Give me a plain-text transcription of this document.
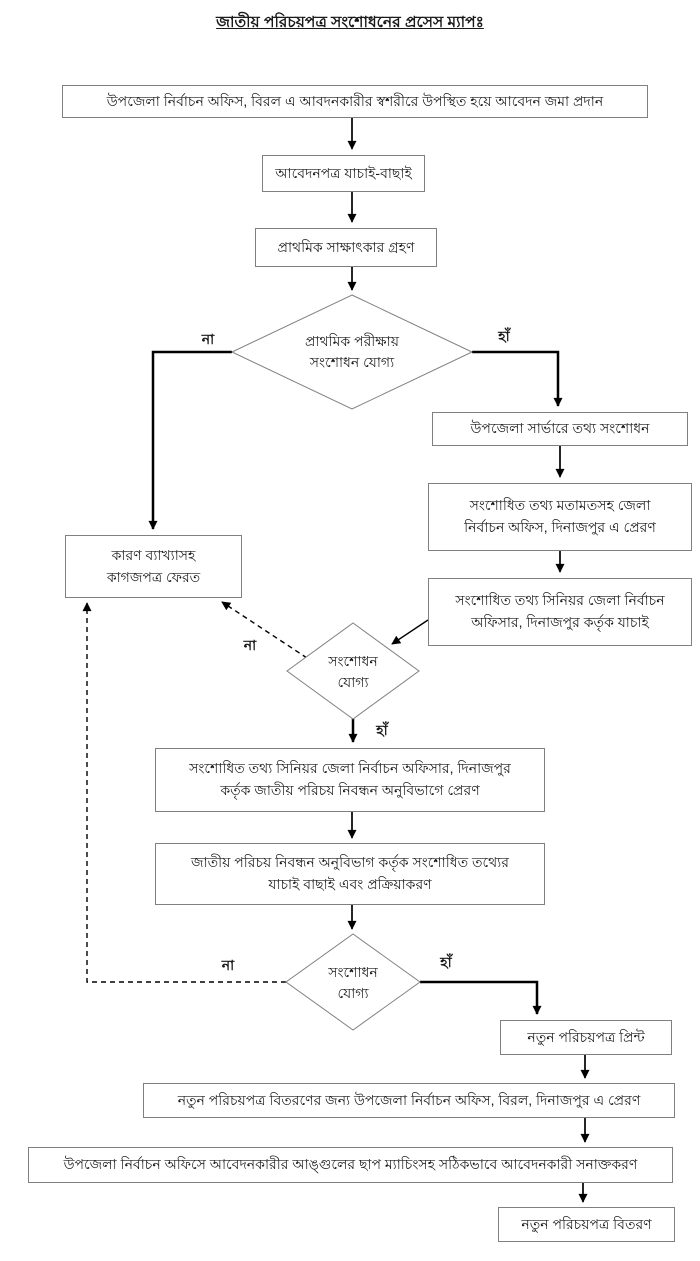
জাতীয় পরিচয়পত্র সংশোধনের প্রসেস ম্যাপঃ
উপজেলা নির্বাচন অফিস, বিরল এ আবদনকারীর স্বশরীরে উপস্থিত হয়ে আবেদন জমা প্রদান
আবেদনপত্র যাচাই-বাছাই
প্রাথমিক সাক্ষাৎকার গ্রহণ
প্রাথমিক পরীক্ষায়
সংশোধন যোগ্য
উপজেলা সার্ভারে তথ্য সংশোধন
সংশোধিত তথ্য মতামতসহ জেলা
নির্বাচন অফিস, দিনাজপুর এ প্রেরণ
সংশোধিত তথ্য সিনিয়র জেলা নির্বাচন
অফিসার, দিনাজপুর কর্তৃক যাচাই
কারণ ব্যাখ্যাসহ
কাগজপত্র ফেরত
সংশোধন
যোগ্য
সংশোধিত তথ্য সিনিয়র জেলা নির্বাচন অফিসার, দিনাজপুর
কর্তৃক জাতীয় পরিচয় নিবন্ধন অনুবিভাগে প্রেরণ
জাতীয় পরিচয় নিবন্ধন অনুবিভাগ কর্তৃক সংশোধিত তথ্যের
যাচাই বাছাই এবং প্রক্রিয়াকরণ
সংশোধন
যোগ্য
নতুন পরিচয়পত্র প্রিন্ট
নতুন পরিচয়পত্র বিতরণের জন্য উপজেলা নির্বাচন অফিস, বিরল, দিনাজপুর এ প্রেরণ
উপজেলা নির্বাচন অফিসে আবেদনকারীর আঙ্গুলের ছাপ ম্যাচিংসহ সঠিকভাবে আবেদনকারী সনাক্তকরণ
নতুন পরিচয়পত্র বিতরণ
না	হাঁ
না
হাঁ
না	হাঁ
